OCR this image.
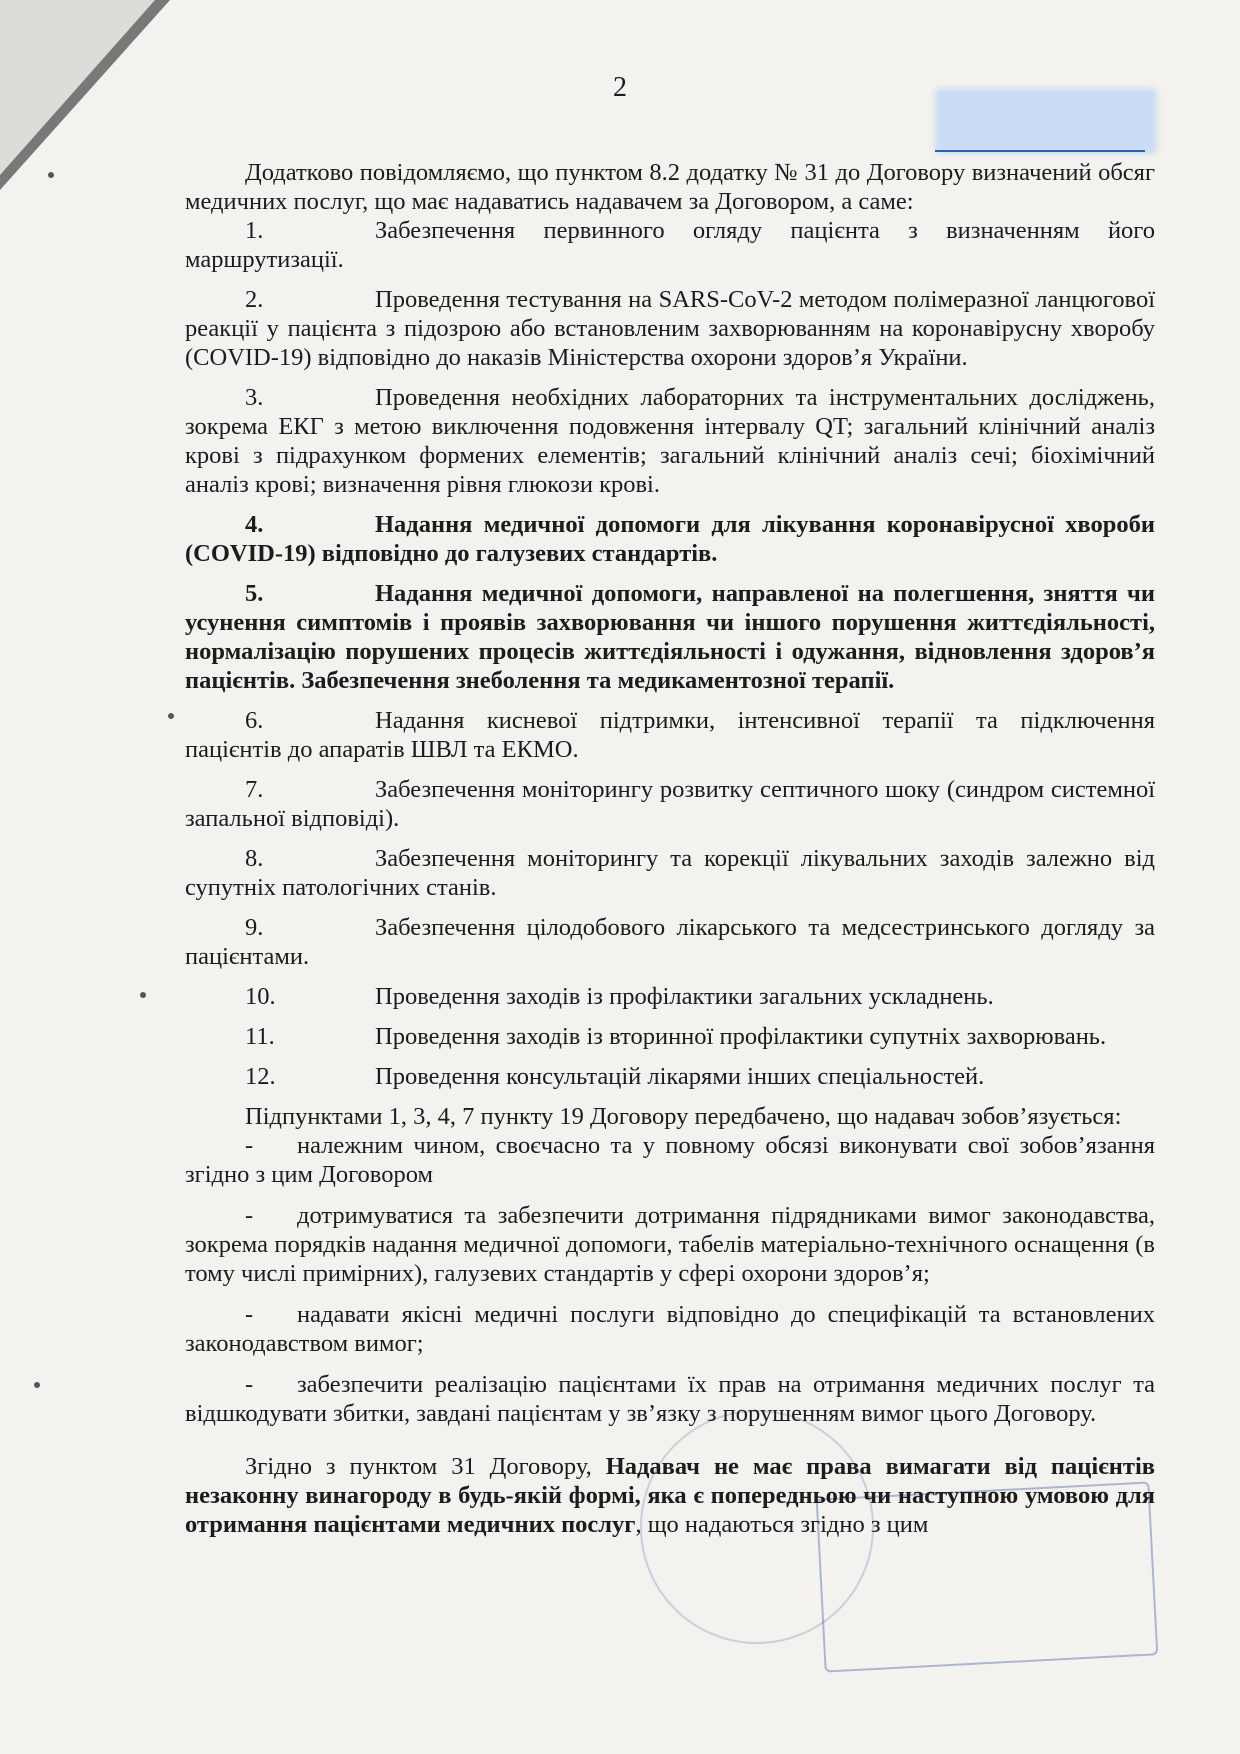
2

Додатково повідомляємо, що пунктом 8.2 додатку № 31 до Договору визначений обсяг медичних послуг, що має надаватись надавачем за Договором, а саме:

1.	Забезпечення первинного огляду пацієнта з визначенням його маршрутизації.

2.	Проведення тестування на SARS-CoV-2 методом полімеразної ланцюгової реакції у пацієнта з підозрою або встановленим захворюванням на коронавірусну хворобу (COVID-19) відповідно до наказів Міністерства охорони здоров’я України.

3.	Проведення необхідних лабораторних та інструментальних досліджень, зокрема ЕКГ з метою виключення подовження інтервалу QT; загальний клінічний аналіз крові з підрахунком формених елементів; загальний клінічний аналіз сечі; біохімічний аналіз крові; визначення рівня глюкози крові.

4.	Надання медичної допомоги для лікування коронавірусної хвороби (COVID-19) відповідно до галузевих стандартів.

5.	Надання медичної допомоги, направленої на полегшення, зняття чи усунення симптомів і проявів захворювання чи іншого порушення життєдіяльності, нормалізацію порушених процесів життєдіяльності і одужання, відновлення здоров’я пацієнтів. Забезпечення знеболення та медикаментозної терапії.

6.	Надання кисневої підтримки, інтенсивної терапії та підключення пацієнтів до апаратів ШВЛ та ЕКМО.

7.	Забезпечення моніторингу розвитку септичного шоку (синдром системної запальної відповіді).

8.	Забезпечення моніторингу та корекції лікувальних заходів залежно від супутніх патологічних станів.

9.	Забезпечення цілодобового лікарського та медсестринського догляду за пацієнтами.

10.	Проведення заходів із профілактики загальних ускладнень.

11.	Проведення заходів із вторинної профілактики супутніх захворювань.

12.	Проведення консультацій лікарями інших спеціальностей.

Підпунктами 1, 3, 4, 7 пункту 19 Договору передбачено, що надавач зобов’язується:

- належним чином, своєчасно та у повному обсязі виконувати свої зобов’язання згідно з цим Договором

- дотримуватися та забезпечити дотримання підрядниками вимог законодавства, зокрема порядків надання медичної допомоги, табелів матеріально-технічного оснащення (в тому числі примірних), галузевих стандартів у сфері охорони здоров’я;

- надавати якісні медичні послуги відповідно до специфікацій та встановлених законодавством вимог;

- забезпечити реалізацію пацієнтами їх прав на отримання медичних послуг та відшкодувати збитки, завдані пацієнтам у зв’язку з порушенням вимог цього Договору.

Згідно з пунктом 31 Договору, Надавач не має права вимагати від пацієнтів незаконну винагороду в будь-якій формі, яка є попередньою чи наступною умовою для отримання пацієнтами медичних послуг, що надаються згідно з цим
